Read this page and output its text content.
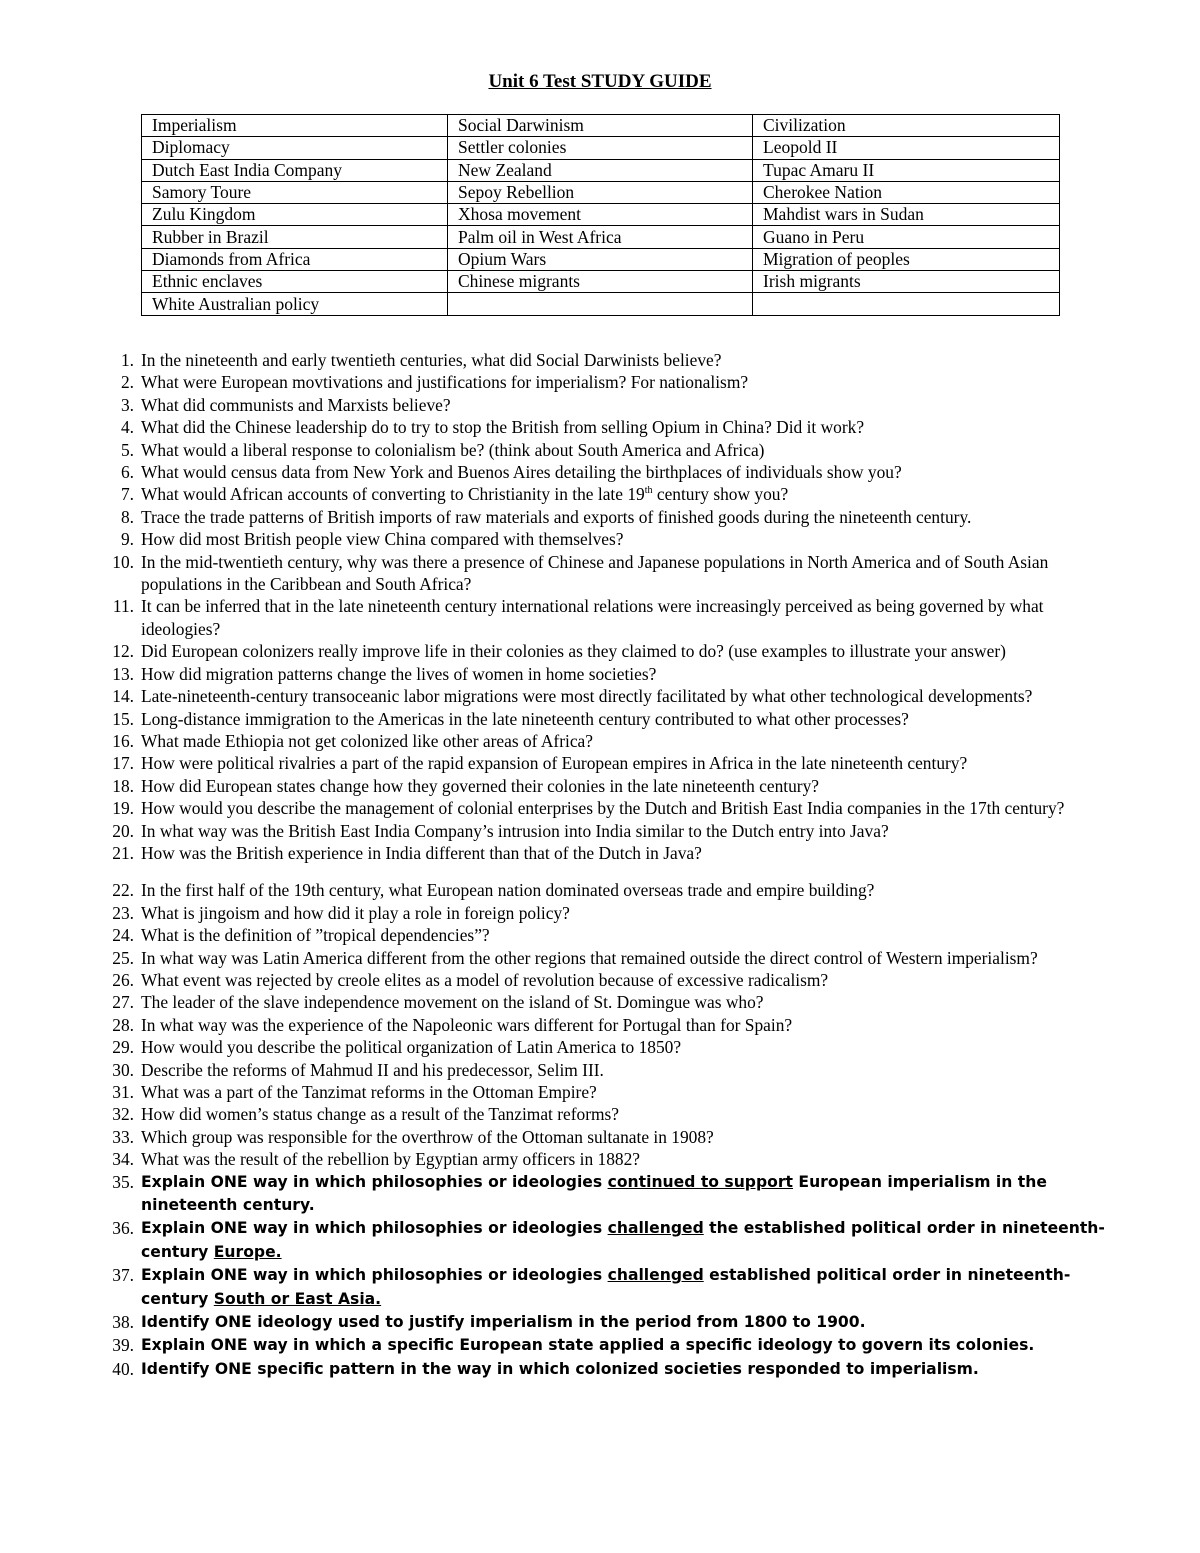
Unit 6 Test STUDY GUIDE
Imperialism	Social Darwinism	Civilization
Diplomacy	Settler colonies	Leopold II
Dutch East India Company	New Zealand	Tupac Amaru II
Samory Toure	Sepoy Rebellion	Cherokee Nation
Zulu Kingdom	Xhosa movement	Mahdist wars in Sudan
Rubber in Brazil	Palm oil in West Africa	Guano in Peru
Diamonds from Africa	Opium Wars	Migration of peoples
Ethnic enclaves	Chinese migrants	Irish migrants
White Australian policy		
1. In the nineteenth and early twentieth centuries, what did Social Darwinists believe?
2. What were European movtivations and justifications for imperialism? For nationalism?
3. What did communists and Marxists believe?
4. What did the Chinese leadership do to try to stop the British from selling Opium in China? Did it work?
5. What would a liberal response to colonialism be? (think about South America and Africa)
6. What would census data from New York and Buenos Aires detailing the birthplaces of individuals show you?
7. What would African accounts of converting to Christianity in the late 19th century show you?
8. Trace the trade patterns of British imports of raw materials and exports of finished goods during the nineteenth century.
9. How did most British people view China compared with themselves?
10. In the mid-twentieth century, why was there a presence of Chinese and Japanese populations in North America and of South Asian populations in the Caribbean and South Africa?
11. It can be inferred that in the late nineteenth century international relations were increasingly perceived as being governed by what ideologies?
12. Did European colonizers really improve life in their colonies as they claimed to do? (use examples to illustrate your answer)
13. How did migration patterns change the lives of women in home societies?
14. Late-nineteenth-century transoceanic labor migrations were most directly facilitated by what other technological developments?
15. Long-distance immigration to the Americas in the late nineteenth century contributed to what other processes?
16. What made Ethiopia not get colonized like other areas of Africa?
17. How were political rivalries a part of the rapid expansion of European empires in Africa in the late nineteenth century?
18. How did European states change how they governed their colonies in the late nineteenth century?
19. How would you describe the management of colonial enterprises by the Dutch and British East India companies in the 17th century?
20. In what way was the British East India Company’s intrusion into India similar to the Dutch entry into Java?
21. How was the British experience in India different than that of the Dutch in Java?
22. In the first half of the 19th century, what European nation dominated overseas trade and empire building?
23. What is jingoism and how did it play a role in foreign policy?
24. What is the definition of ”tropical dependencies”?
25. In what way was Latin America different from the other regions that remained outside the direct control of Western imperialism?
26. What event was rejected by creole elites as a model of revolution because of excessive radicalism?
27. The leader of the slave independence movement on the island of St. Domingue was who?
28. In what way was the experience of the Napoleonic wars different for Portugal than for Spain?
29. How would you describe the political organization of Latin America to 1850?
30. Describe the reforms of Mahmud II and his predecessor, Selim III.
31. What was a part of the Tanzimat reforms in the Ottoman Empire?
32. How did women’s status change as a result of the Tanzimat reforms?
33. Which group was responsible for the overthrow of the Ottoman sultanate in 1908?
34. What was the result of the rebellion by Egyptian army officers in 1882?
35. Explain ONE way in which philosophies or ideologies continued to support European imperialism in the nineteenth century.
36. Explain ONE way in which philosophies or ideologies challenged the established political order in nineteenth-century Europe.
37. Explain ONE way in which philosophies or ideologies challenged established political order in nineteenth-century South or East Asia.
38. Identify ONE ideology used to justify imperialism in the period from 1800 to 1900.
39. Explain ONE way in which a specific European state applied a specific ideology to govern its colonies.
40. Identify ONE specific pattern in the way in which colonized societies responded to imperialism.
